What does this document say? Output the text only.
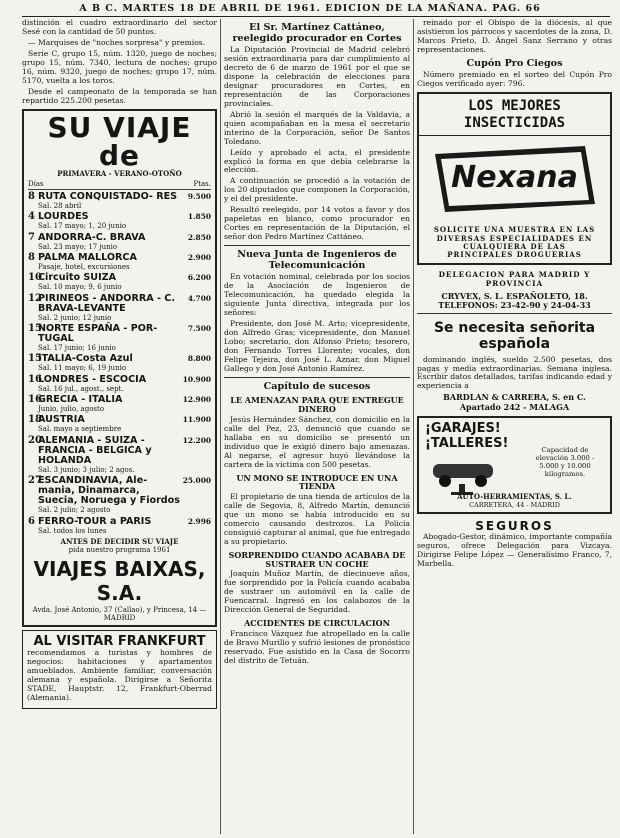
A B C. MARTES 18 DE ABRIL DE 1961. EDICION DE LA MAÑANA. PAG. 66

distinción el cuadro extraordinario del sector Sesé con la cantidad de 50 puntos.

— Marquises de "noches sorpresa" y premios.

Serie C, grupo 15, núm. 1320, juego de noches; grupo 15, núm. 7340, lectura de noches; grupo 16, núm. 9320, juego de noches; grupo 17, núm. 5170, vuelta a los toros.

Desde el campeonato de la temporada se han repartido 225.200 pesetas.

SU VIAJE de
PRIMAVERA - VERANO-OTOÑO
Días	Ptas.
8 RUTA CONQUISTADO- RES
Sal. 28 abril
9.500
4 LOURDES
Sal. 17 mayo; 1, 20 junio
1.850
7 ANDORRA-C. BRAVA
Sal. 23 mayo; 17 junio
2.850
8 PALMA MALLORCA
Pasaje, hotel, excursiones
2.900
10
Circuito SUIZA
Sal. 10 mayo; 9, 6 junio
6.200
12
PIRINEOS - ANDORRA - C. BRAVA-LEVANTE
Sal. 2 junio; 12 junio
4.700
15
NORTE ESPAÑA - POR- TUGAL
Sal. 17 junio; 16 junio
7.500
15
ITALIA-Costa Azul
Sal. 11 mayo; 6, 19 junio
8.800
16
LONDRES - ESCOCIA
Sal. 16 jul., agost., sept.
10.900
16
GRECIA - ITALIA
Junio, julio, agosto
12.900
18
AUSTRIA
Sal. mayo a septiembre
11.900
20
ALEMANIA - SUIZA - FRANCIA - BELGICA y HOLANDA
Sal. 3 junio; 3 julio; 2 agos.
12.200
27
ESCANDINAVIA, Ale- mania, Dinamarca, Suecia, Noruega y Fiordos
Sal. 2 julio; 2 agosto
25.000
6 FERRO-TOUR a PARIS
Sal. todos los lunes
2.996
ANTES DE DECIDIR SU VIAJE
pida nuestro programa 1961
VIAJES BAIXAS, S.A.
Avda. José Antonio, 37 (Callao), y Princesa, 14 — MADRID
AL VISITAR FRANKFURT

recomendamos a turistas y hombres de negocios: habitaciones y apartamentos amueblados. Ambiente familiar, conversación alemana y española. Dirigirse a Señorita STADE, Hauptstr. 12, Frankfurt-Oberrad (Alemania).

El Sr. Martínez Cattáneo, reelegido procurador en Cortes

La Diputación Provincial de Madrid celebró sesión extraordinaria para dar cumplimiento al decreto de 6 de marzo de 1961 por el que se dispone la celebración de elecciones para designar procuradores en Cortes, en representación de las Corporaciones provinciales.

Abrió la sesión el marqués de la Valdavia, a quien acompañaban en la mesa el secretario interino de la Corporación, señor De Santos Toledano.

Leído y aprobado el acta, el presidente explicó la forma en que debía celebrarse la elección.

A continuación se procedió a la votación de los 20 diputados que componen la Corporación, y el del presidente.

Resultó reelegido, por 14 votos a favor y dos papeletas en blanco, como procurador en Cortes en representación de la Diputación, el señor don Pedro Martínez Cattáneo.

Nueva Junta de Ingenieros de Telecomunicación

En votación nominal, celebrada por los socios de la Asociación de Ingenieros de Telecomunicación, ha quedado elegida la siguiente Junta directiva, integrada por los señores:

Presidente, don José M. Arto; vicepresidente, don Alfredo Gras; vicepresidente, don Manuel Lobo; secretario, don Alfonso Prieto; tesorero, don Fernando Torres Llorente; vocales, don Felipe Tejeira, don José L. Aznar, don Miguel Gallego y don José Antonio Ramírez.

Capítulo de sucesos
LE AMENAZAN PARA QUE ENTREGUE DINERO

Jesús Hernández Sánchez, con domicilio en la calle del Pez, 23, denunció que cuando se hallaba en su domicilio se presentó un individuo que le exigió dinero bajo amenazas. Al negarse, el agresor huyó llevándose la cartera de la víctima con 500 pesetas.

UN MONO SE INTRODUCE EN UNA TIENDA

El propietario de una tienda de artículos de la calle de Segovia, 8, Alfredo Martín, denunció que un mono se había introducido en su comercio causando destrozos. La Policía consiguió capturar al animal, que fue entregado a su propietario.

SORPRENDIDO CUANDO ACABABA DE SUSTRAER UN COCHE

Joaquín Muñoz Martín, de diecinueve años, fue sorprendido por la Policía cuando acababa de sustraer un automóvil en la calle de Fuencarral. Ingresó en los calabozos de la Dirección General de Seguridad.

ACCIDENTES DE CIRCULACION

Francisco Vázquez fue atropellado en la calle de Bravo Murillo y sufrió lesiones de pronóstico reservado. Fue asistido en la Casa de Socorro del distrito de Tetuán.

reinado por el Obispo de la diócesis, al que asistieron los párrocos y sacerdotes de la zona, D. Marcos Prieto, D. Ángel Sanz Serrano y otras representaciones.

Cupón Pro Ciegos

Número premiado en el sorteo del Cupón Pro Ciegos verificado ayer: 796.

LOS MEJORES INSECTICIDAS
Nexana
SOLICITE UNA MUESTRA EN LAS DIVERSAS ESPECIALIDADES EN CUALQUIERA DE LAS PRINCIPALES DROGUERIAS
DELEGACION PARA MADRID Y PROVINCIA
CRYVEX, S. L. ESPAÑOLETO, 18.
TELEFONOS: 23-42-90 y 24-04-33
Se necesita señorita española

dominando inglés, sueldo 2.500 pesetas, dos pagas y media extraordinarias. Semana inglesa. Escribir datos detallados, tarifas indicando edad y experiencia a

BARDLAN & CARRERA, S. en C.
Apartado 242 - MALAGA
¡GARAJES! ¡TALLERES!	Capacidad de elevación 3.000 - 5.000 y 10.000 kilogramos.
AUTO-HERRAMIENTAS, S. L.
CARRETERA, 44 - MADRID
SEGUROS

Abogado-Gestor, dinámico, importante compañía seguros, ofrece Delegación para Vizcaya. Dirigirse Felipe López — Generalísimo Franco, 7, Marbella.
